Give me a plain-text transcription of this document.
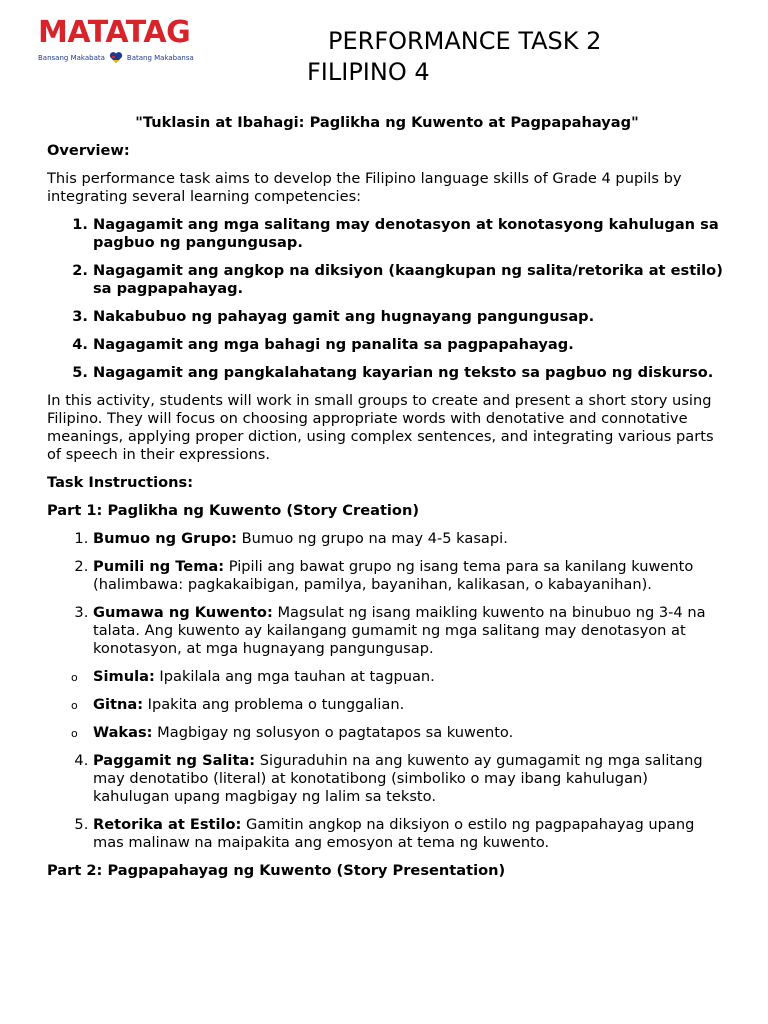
MATATAG
Bansang Makabata	Batang Makabansa
PERFORMANCE TASK 2
FILIPINO 4
"Tuklasin at Ibahagi: Paglikha ng Kuwento at Pagpapahayag"
Overview:

This performance task aims to develop the Filipino language skills of Grade 4 pupils by integrating several learning competencies:

1. Nagagamit ang mga salitang may denotasyon at konotasyong kahulugan sa pagbuo ng pangungusap.
2. Nagagamit ang angkop na diksiyon (kaangkupan ng salita/retorika at estilo) sa pagpapahayag.
3. Nakabubuo ng pahayag gamit ang hugnayang pangungusap.
4. Nagagamit ang mga bahagi ng panalita sa pagpapahayag.
5. Nagagamit ang pangkalahatang kayarian ng teksto sa pagbuo ng diskurso.

In this activity, students will work in small groups to create and present a short story using Filipino. They will focus on choosing appropriate words with denotative and connotative meanings, applying proper diction, using complex sentences, and integrating various parts of speech in their expressions.

Task Instructions:
Part 1: Paglikha ng Kuwento (Story Creation)
1. Bumuo ng Grupo: Bumuo ng grupo na may 4-5 kasapi.
2. Pumili ng Tema: Pipili ang bawat grupo ng isang tema para sa kanilang kuwento (halimbawa: pagkakaibigan, pamilya, bayanihan, kalikasan, o kabayanihan).
3. Gumawa ng Kuwento: Magsulat ng isang maikling kuwento na binubuo ng 3-4 na talata. Ang kuwento ay kailangang gumamit ng mga salitang may denotasyon at konotasyon, at mga hugnayang pangungusap.
o Simula: Ipakilala ang mga tauhan at tagpuan.
o Gitna: Ipakita ang problema o tunggalian.
o Wakas: Magbigay ng solusyon o pagtatapos sa kuwento.
4. Paggamit ng Salita: Siguraduhin na ang kuwento ay gumagamit ng mga salitang may denotatibo (literal) at konotatibong (simboliko o may ibang kahulugan) kahulugan upang magbigay ng lalim sa teksto.
5. Retorika at Estilo: Gamitin angkop na diksiyon o estilo ng pagpapahayag upang mas malinaw na maipakita ang emosyon at tema ng kuwento.
Part 2: Pagpapahayag ng Kuwento (Story Presentation)
